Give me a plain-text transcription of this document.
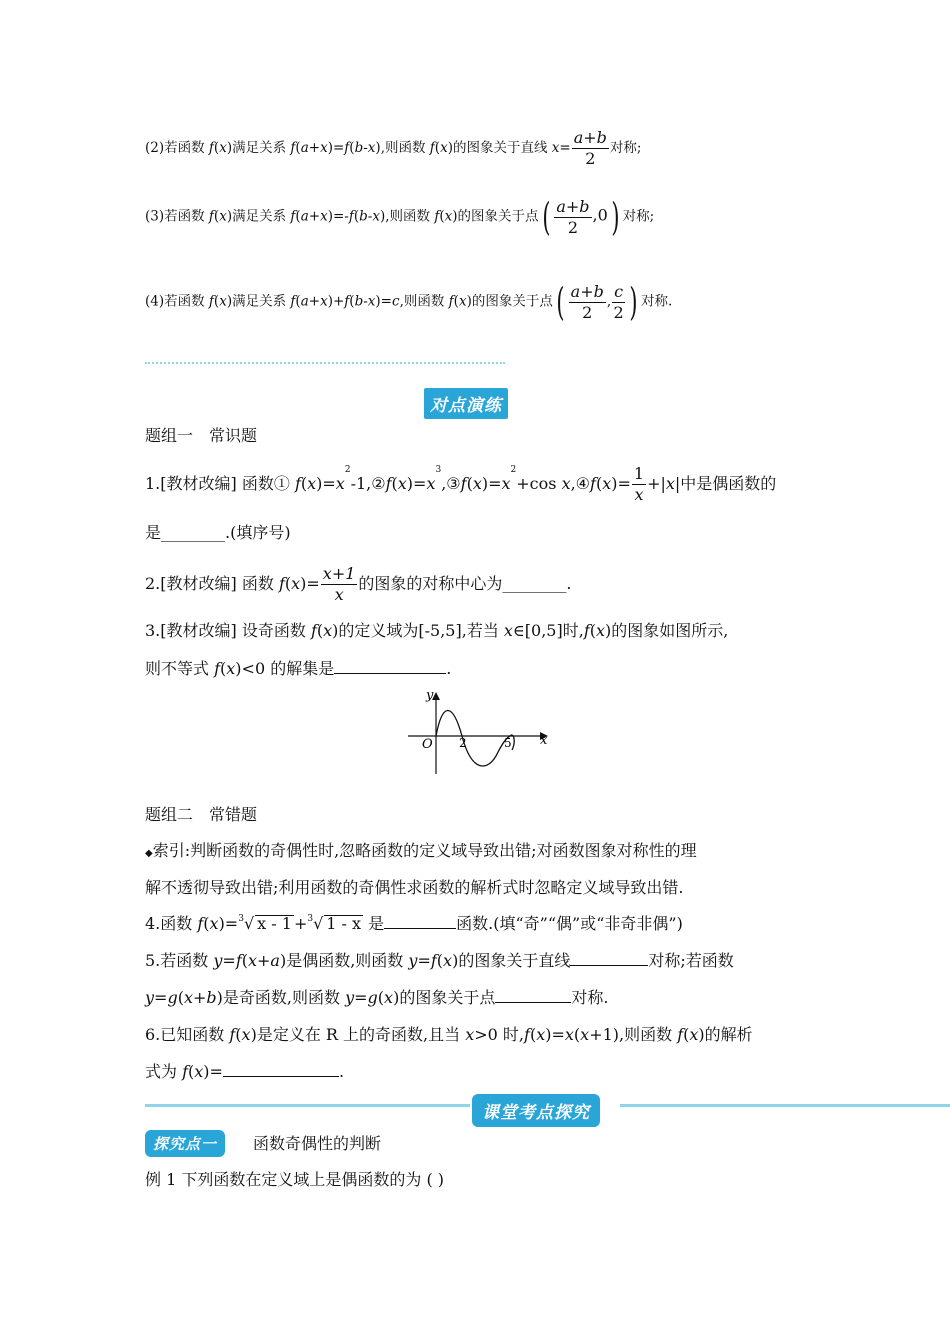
(2)若函数 f(x)满足关系 f(a+x)=f(b-x),则函数 f(x)的图象关于直线 $x= \frac{a+b}{2}$ 对称;
(3)若函数 f(x)满足关系 f(a+x)=-f(b-x),则函数 f(x)的图象关于点( $\frac{a+b}{2} ,0$) 对称;
(4)若函数 f(x)满足关系 f(a+x)+f(b-x)=c,则函数 f(x)的图象关于点( $\frac{a+b}{2}$ , $\frac{c}{2}$ ) 对称.
对点演练
题组一　常识题
1.[教材改编] 函数① $f(x)=x^2-1,②f(x)=x^3,③f(x)=x^2+\cos$ x,④f(x)= $\frac{1}{x} +|x|$中是偶函数的
是________.(填序号)
2.[教材改编] 函数 $f(x)= \frac{x+1}{x}$ 的图象的对称中心为________.
3.[教材改编] 设奇函数 f(x)的定义域为[-5,5],若当 x∈[0,5]时,f(x)的图象如图所示,
则不等式 f(x)<0 的解集是	.
y
x
O 2	5
题组二　常错题
◆索引:判断函数的奇偶性时,忽略函数的定义域导致出错;对函数图象对称性的理
解不透彻导致出错;利用函数的奇偶性求函数的解析式时忽略定义域导致出错.
4.函数 f(x)=$^3$√ x - 1 +$^3$√ 1 - x 是	函数.(填“奇”“偶”或“非奇非偶”)
5.若函数 y=f(x+a)是偶函数,则函数 y=f(x)的图象关于直线	对称;若函数
y=g(x+b)是奇函数,则函数 y=g(x)的图象关于点	对称.
6.已知函数 f(x)是定义在 R 上的奇函数,且当 x>0 时,f(x)=x(x+1),则函数 f(x)的解析
式为 f(x)=	.
课堂考点探究
探究点一	函数奇偶性的判断
例 1 下列函数在定义域上是偶函数的为 ( )
